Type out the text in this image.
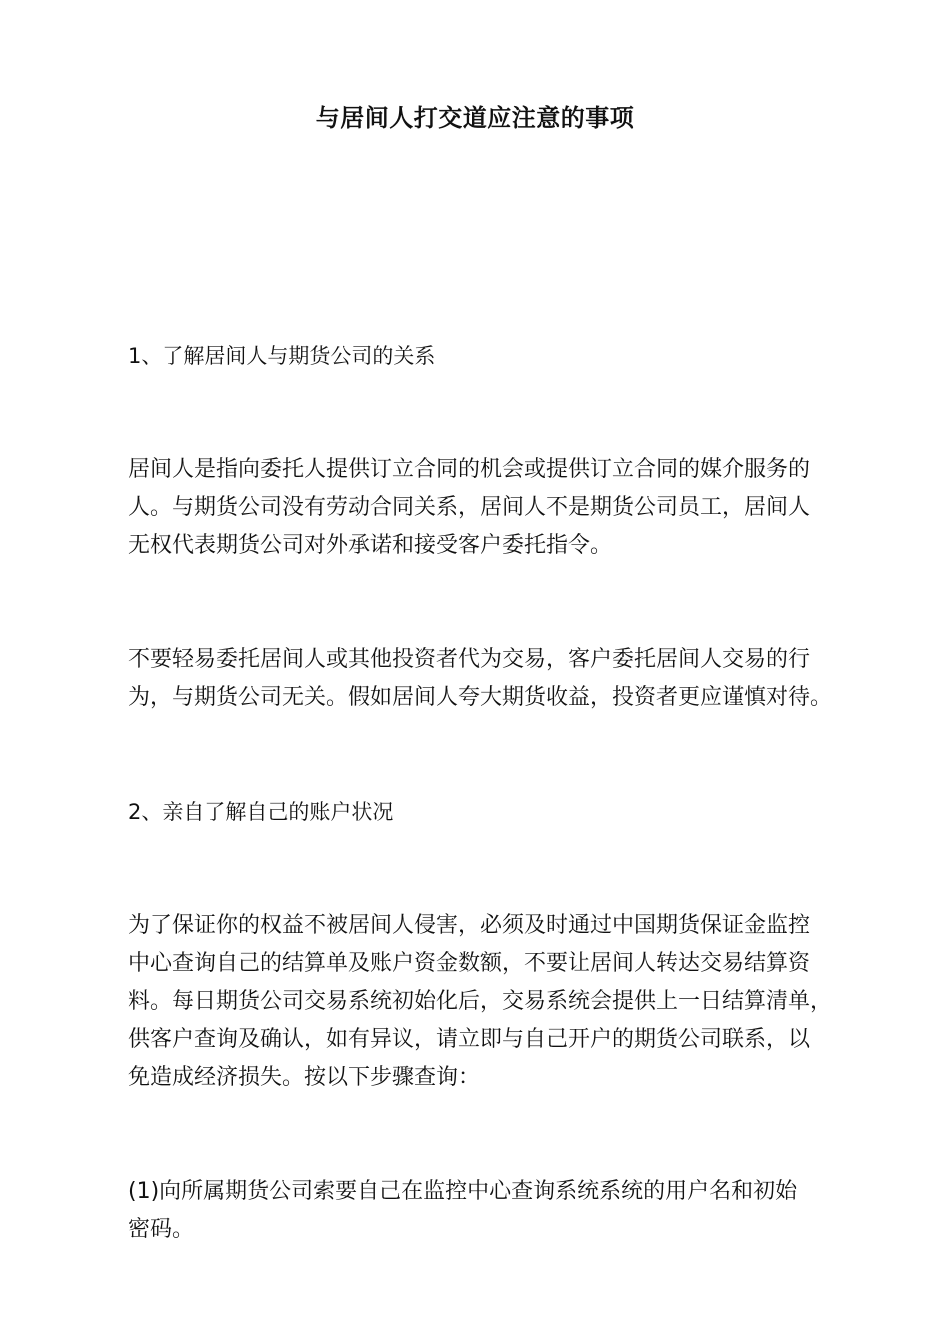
与居间人打交道应注意的事项
1、了解居间人与期货公司的关系
居间人是指向委托人提供订立合同的机会或提供订立合同的媒介服务的
人。与期货公司没有劳动合同关系，居间人不是期货公司员工，居间人
无权代表期货公司对外承诺和接受客户委托指令。
不要轻易委托居间人或其他投资者代为交易，客户委托居间人交易的行
为，与期货公司无关。假如居间人夸大期货收益，投资者更应谨慎对待。
2、亲自了解自己的账户状况
为了保证你的权益不被居间人侵害，必须及时通过中国期货保证金监控
中心查询自己的结算单及账户资金数额，不要让居间人转达交易结算资
料。每日期货公司交易系统初始化后，交易系统会提供上一日结算清单，
供客户查询及确认，如有异议，请立即与自己开户的期货公司联系，以
免造成经济损失。按以下步骤查询：
(1)向所属期货公司索要自己在监控中心查询系统系统的用户名和初始
密码。
